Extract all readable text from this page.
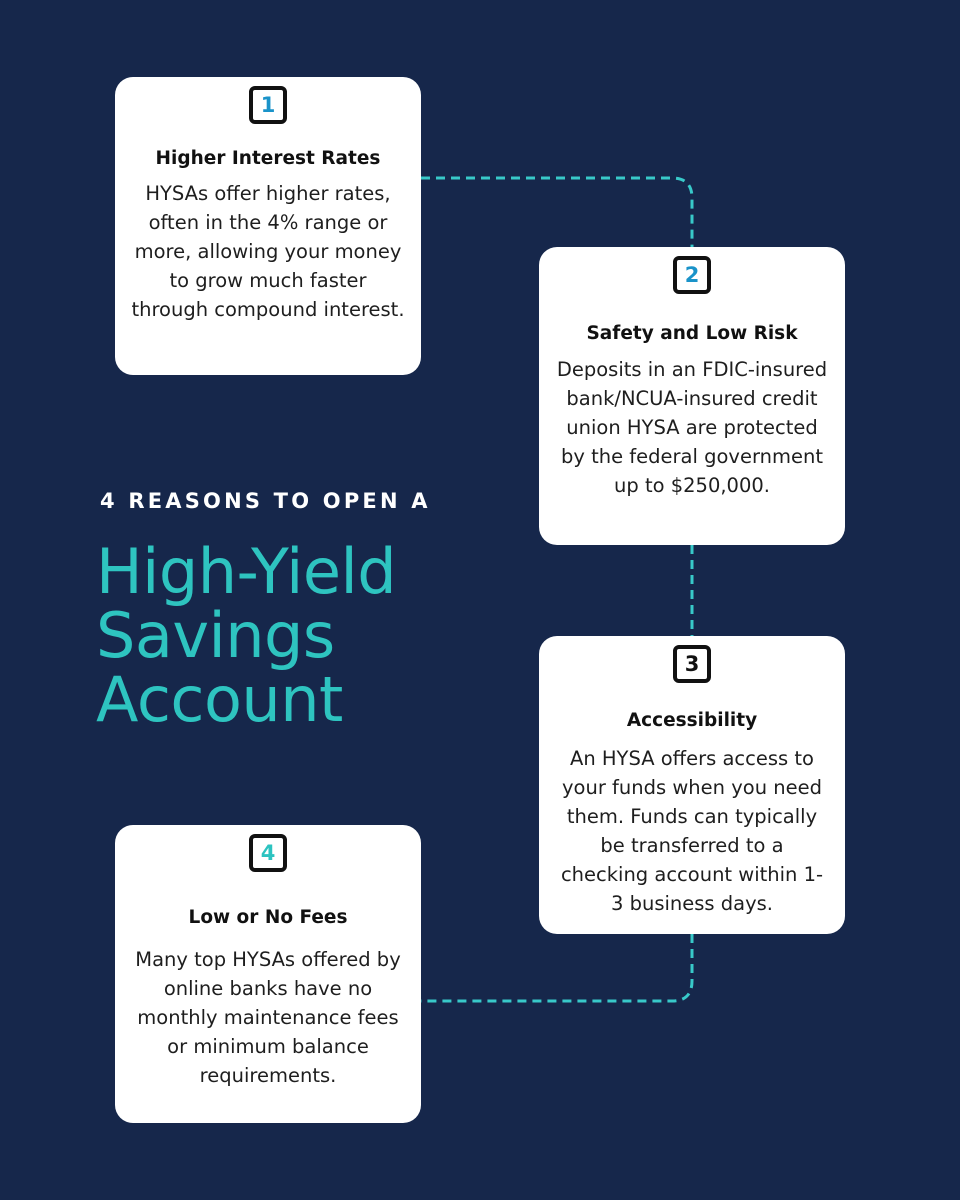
1
Higher Interest Rates
HYSAs offer higher rates, often in the 4% range or more, allowing your money to grow much faster through compound interest.
2
Safety and Low Risk
Deposits in an FDIC-insured bank/NCUA-insured credit union HYSA are protected by the federal government up to $250,000.
3
Accessibility
An HYSA offers access to your funds when you need them. Funds can typically be transferred to a checking account within 1-3 business days.
4
Low or No Fees
Many top HYSAs offered by online banks have no monthly maintenance fees or minimum balance requirements.
4 REASONS TO OPEN A
High-Yield
Savings
Account
